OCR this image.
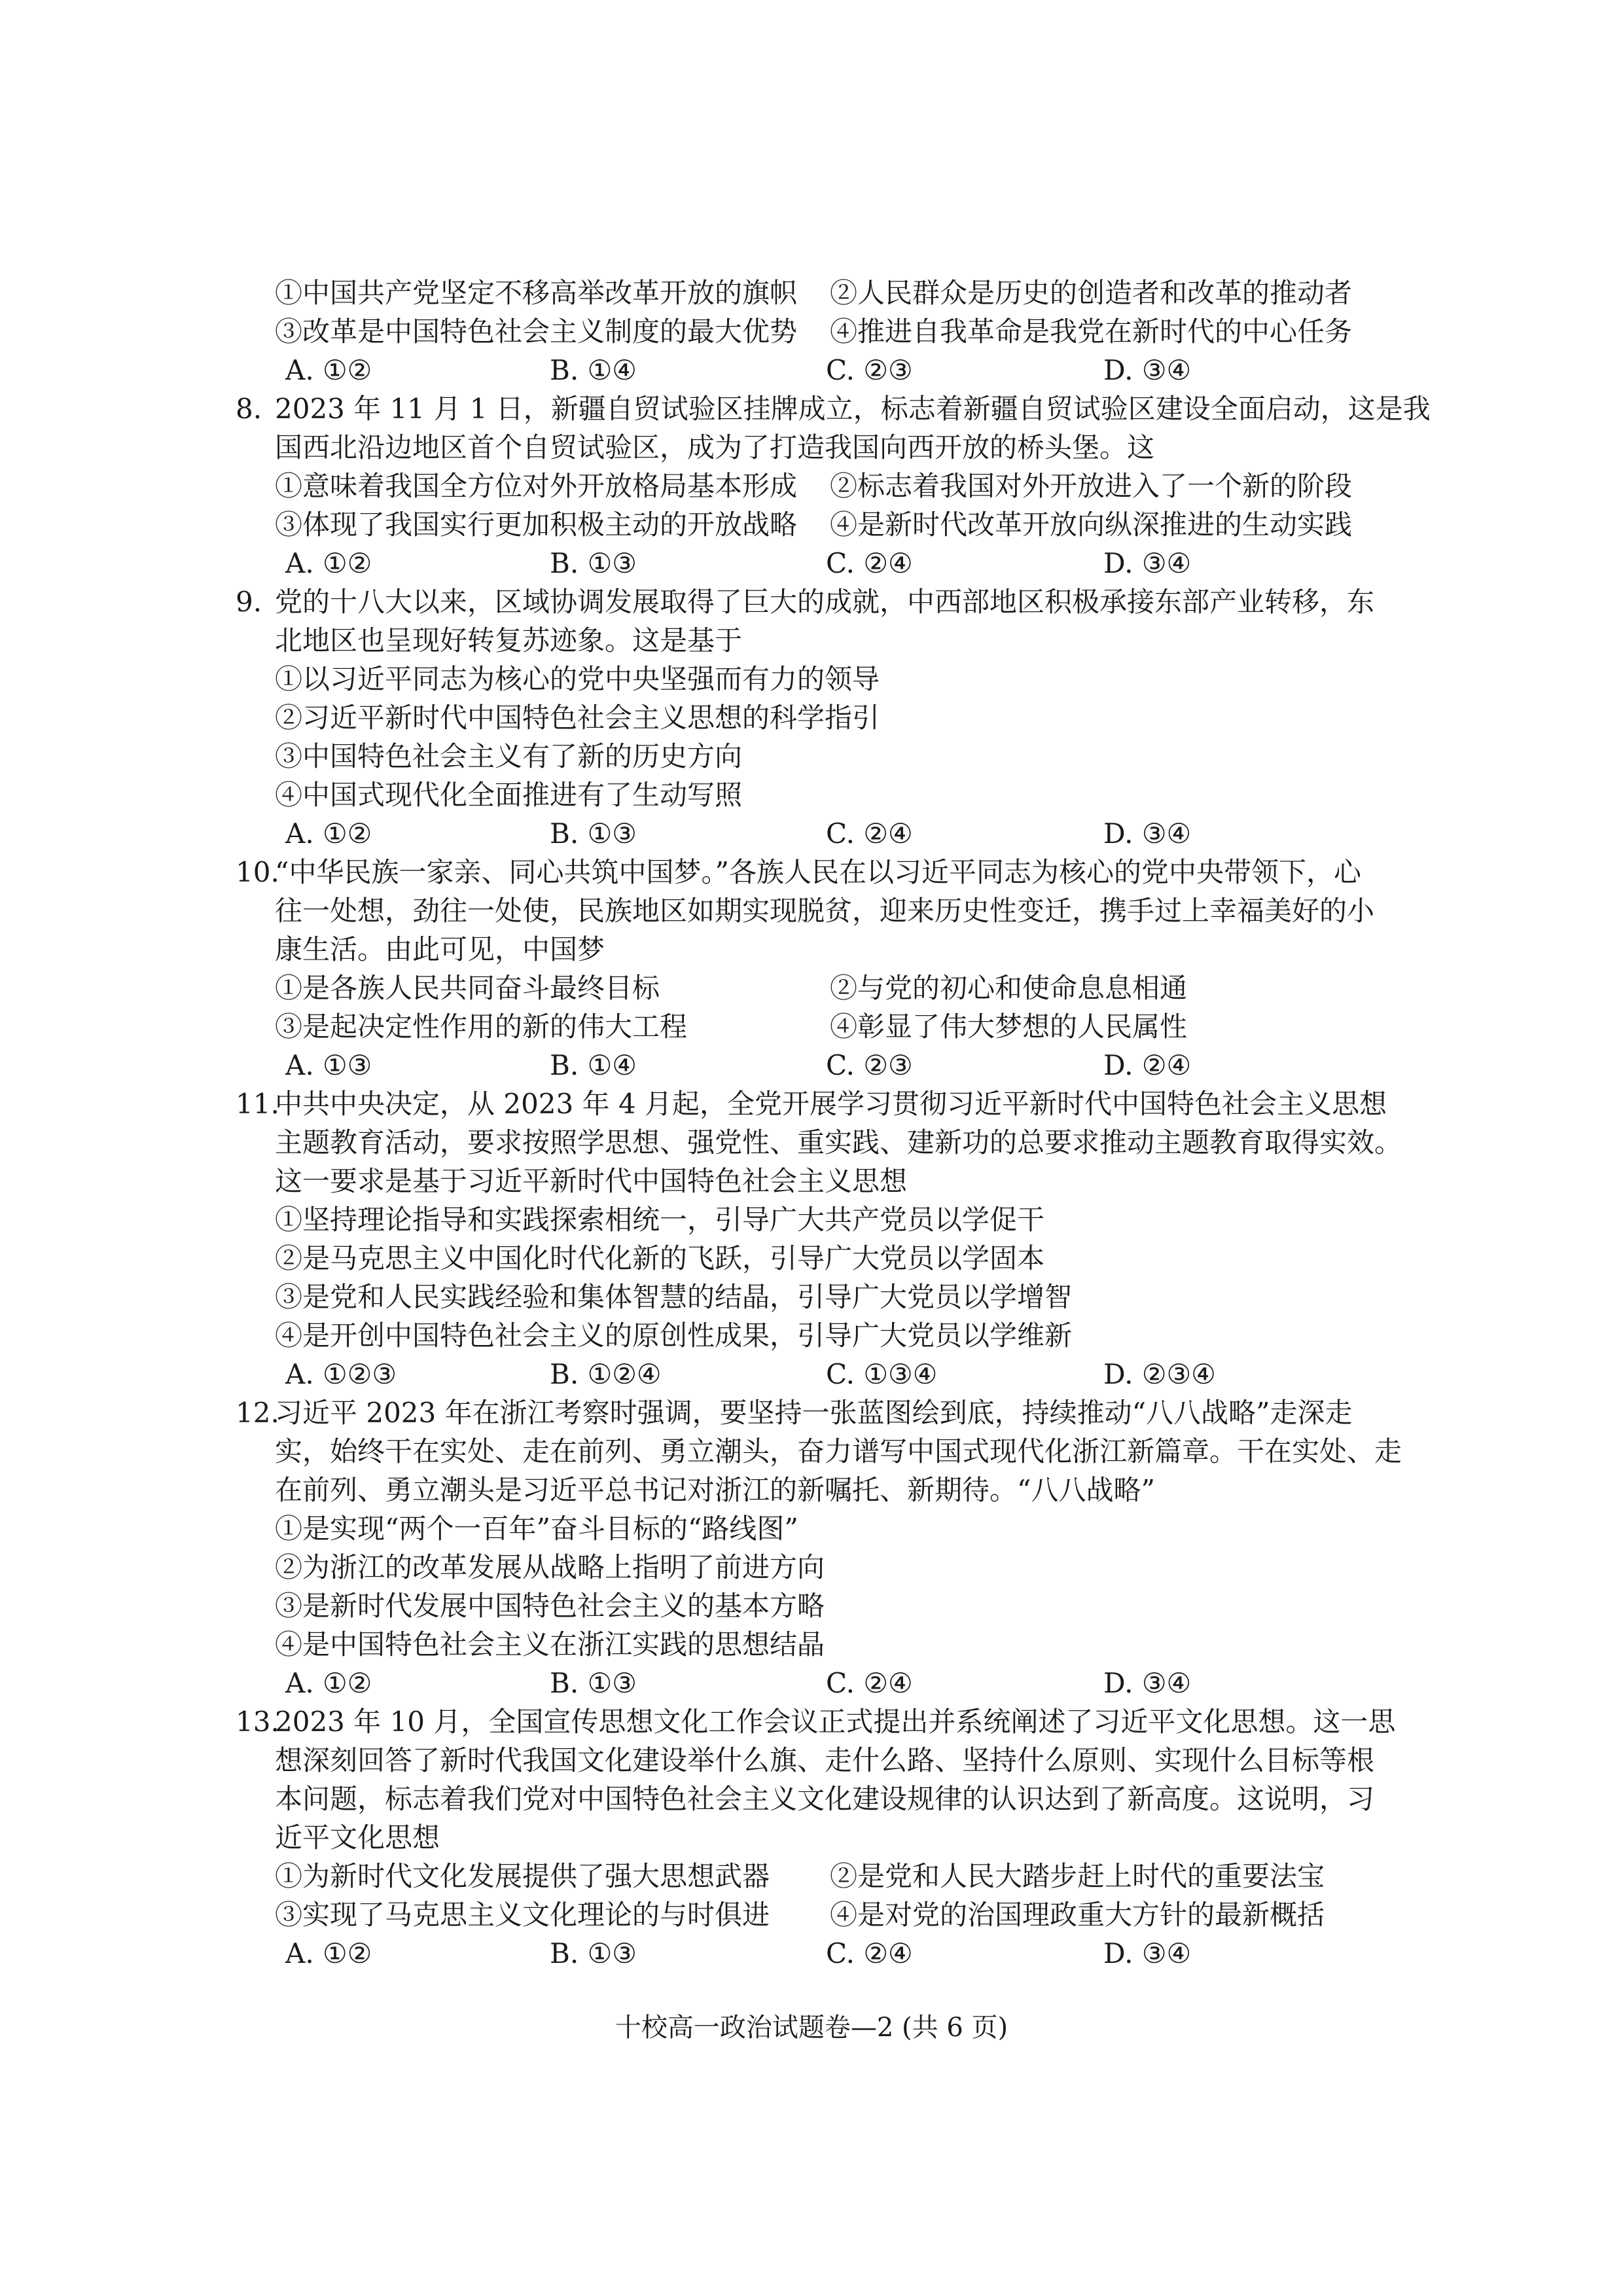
①中国共产党坚定不移高举改革开放的旗帜 ②人民群众是历史的创造者和改革的推动者
③改革是中国特色社会主义制度的最大优势 ④推进自我革命是我党在新时代的中心任务
A. ①②	B. ①④	C. ②③	D. ③④
8. 2023 年 11 月 1 日，新疆自贸试验区挂牌成立，标志着新疆自贸试验区建设全面启动，这是我
国西北沿边地区首个自贸试验区，成为了打造我国向西开放的桥头堡。这
①意味着我国全方位对外开放格局基本形成 ②标志着我国对外开放进入了一个新的阶段
③体现了我国实行更加积极主动的开放战略 ④是新时代改革开放向纵深推进的生动实践
A. ①②	B. ①③	C. ②④	D. ③④
9. 党的十八大以来，区域协调发展取得了巨大的成就，中西部地区积极承接东部产业转移，东
北地区也呈现好转复苏迹象。这是基于
①以习近平同志为核心的党中央坚强而有力的领导
②习近平新时代中国特色社会主义思想的科学指引
③中国特色社会主义有了新的历史方向
④中国式现代化全面推进有了生动写照
A. ①②	B. ①③	C. ②④	D. ③④
10.
“中华民族一家亲、同心共筑中国梦。”各族人民在以习近平同志为核心的党中央带领下，心
往一处想，劲往一处使，民族地区如期实现脱贫，迎来历史性变迁，携手过上幸福美好的小
康生活。由此可见，中国梦
①是各族人民共同奋斗最终目标	②与党的初心和使命息息相通
③是起决定性作用的新的伟大工程	④彰显了伟大梦想的人民属性
A. ①③	B. ①④	C. ②③	D. ②④
11.
中共中央决定，从 2023 年 4 月起，全党开展学习贯彻习近平新时代中国特色社会主义思想
主题教育活动，要求按照学思想、强党性、重实践、建新功的总要求推动主题教育取得实效。
这一要求是基于习近平新时代中国特色社会主义思想
①坚持理论指导和实践探索相统一，引导广大共产党员以学促干
②是马克思主义中国化时代化新的飞跃，引导广大党员以学固本
③是党和人民实践经验和集体智慧的结晶，引导广大党员以学增智
④是开创中国特色社会主义的原创性成果，引导广大党员以学维新
A. ①②③	B. ①②④	C. ①③④	D. ②③④
12.
习近平 2023 年在浙江考察时强调，要坚持一张蓝图绘到底，持续推动“八八战略”走深走
实，始终干在实处、走在前列、勇立潮头，奋力谱写中国式现代化浙江新篇章。干在实处、走
在前列、勇立潮头是习近平总书记对浙江的新嘱托、新期待。“八八战略”
①是实现“两个一百年”奋斗目标的“路线图”
②为浙江的改革发展从战略上指明了前进方向
③是新时代发展中国特色社会主义的基本方略
④是中国特色社会主义在浙江实践的思想结晶
A. ①②	B. ①③	C. ②④	D. ③④
13.
2023 年 10 月，全国宣传思想文化工作会议正式提出并系统阐述了习近平文化思想。这一思
想深刻回答了新时代我国文化建设举什么旗、走什么路、坚持什么原则、实现什么目标等根
本问题，标志着我们党对中国特色社会主义文化建设规律的认识达到了新高度。这说明，习
近平文化思想
①为新时代文化发展提供了强大思想武器 ②是党和人民大踏步赶上时代的重要法宝
③实现了马克思主义文化理论的与时俱进 ④是对党的治国理政重大方针的最新概括
A. ①②	B. ①③	C. ②④	D. ③④
十校高一政治试题卷—2 (共 6 页)
